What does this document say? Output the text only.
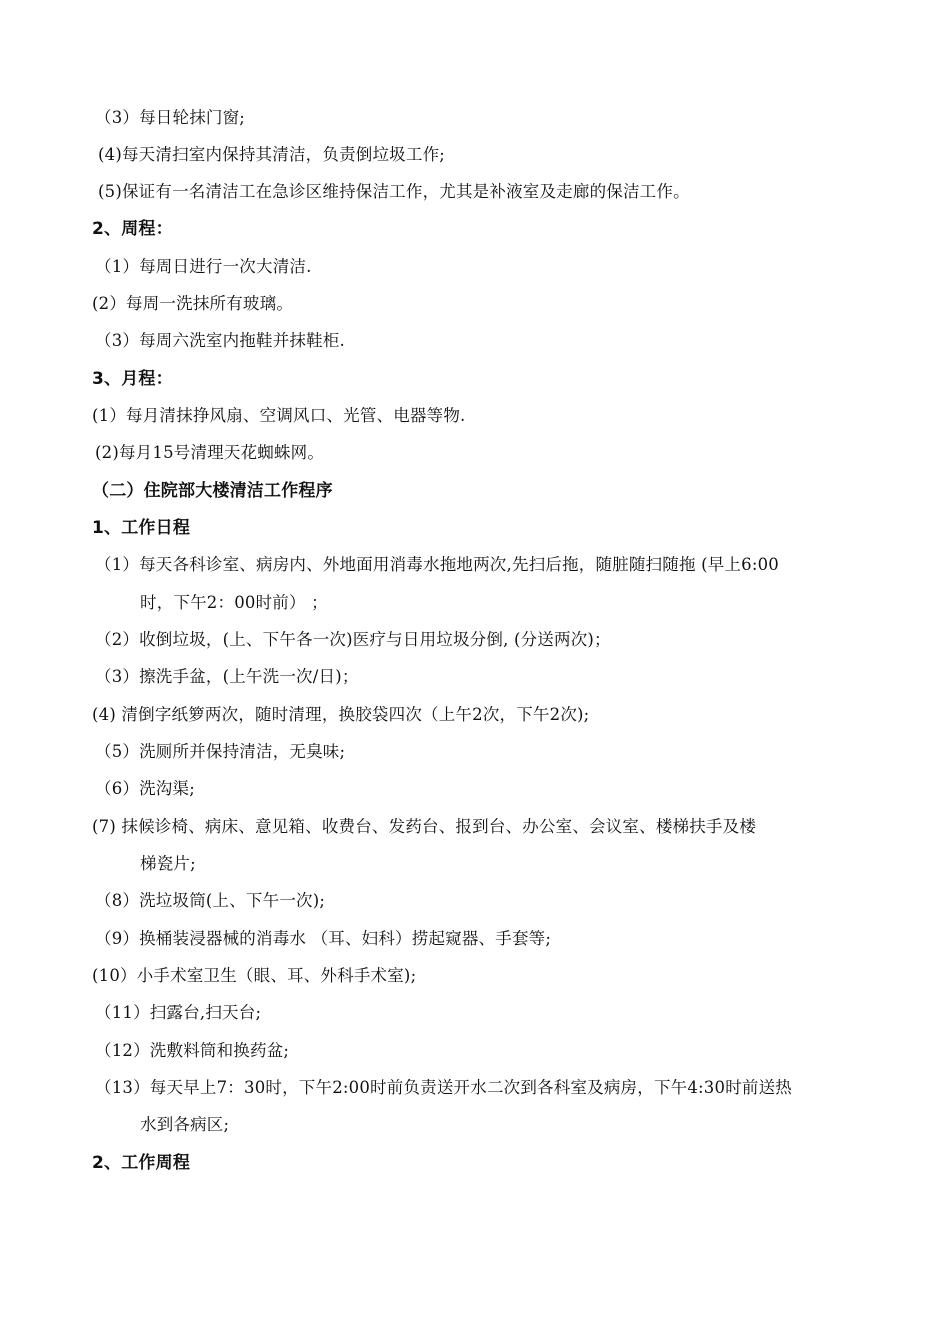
（3）每日轮抹门窗;
(4)每天清扫室内保持其清洁，负责倒垃圾工作;
(5)保证有一名清洁工在急诊区维持保洁工作，尤其是补液室及走廊的保洁工作。
2、周程：
（1）每周日进行一次大清洁.
(2）每周一洗抹所有玻璃。
（3）每周六洗室内拖鞋并抹鞋柜.
3、月程：
(1）每月清抹挣风扇、空调风口、光管、电器等物.
(2)每月15号清理天花蜘蛛网。
（二）住院部大楼清洁工作程序
1、工作日程
（1）每天各科诊室、病房内、外地面用消毒水拖地两次,先扫后拖，随脏随扫随拖 (早上6:00
时，下午2：00时前） ；
（2）收倒垃圾，(上、下午各一次)医疗与日用垃圾分倒, (分送两次)；
（3）擦洗手盆，(上午洗一次/日)；
(4) 清倒字纸箩两次，随时清理，换胶袋四次（上午2次，下午2次);
（5）洗厕所并保持清洁，无臭味;
（6）洗沟渠;
(7) 抹候诊椅、病床、意见箱、收费台、发药台、报到台、办公室、会议室、楼梯扶手及楼
梯瓷片;
（8）洗垃圾筒(上、下午一次);
（9）换桶装浸器械的消毒水 （耳、妇科）捞起窥器、手套等;
(10）小手术室卫生（眼、耳、外科手术室);
（11）扫露台,扫天台;
（12）洗敷料筒和换药盆;
（13）每天早上7：30时，下午2:00时前负责送开水二次到各科室及病房，下午4:30时前送热
水到各病区;
2、工作周程
